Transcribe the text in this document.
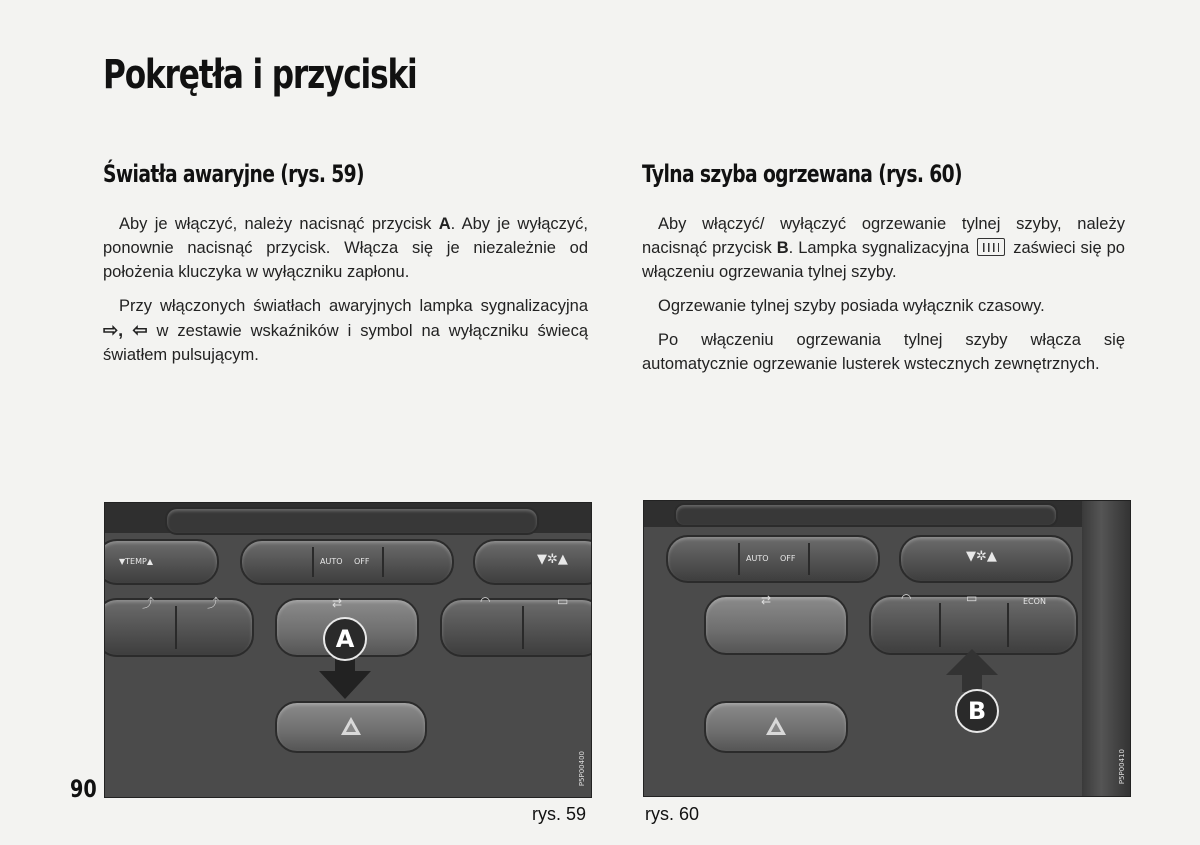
Pokrętła i przyciski
Światła awaryjne (rys. 59)

Aby je włączyć, należy nacisnąć przycisk A. Aby je wyłączyć, ponownie nacisnąć przycisk. Włącza się je niezależnie od położenia kluczyka w wyłączniku zapłonu.

Przy włączonych światłach awaryjnych lampka sygnalizacyjna ⇨, ⇦ w zestawie wskaźników i symbol na wyłączniku świecą światłem pulsującym.

Tylna szyba ogrzewana (rys. 60)

Aby włączyć/ wyłączyć ogrzewanie tylnej szyby, należy nacisnąć przycisk B. Lampka sygnalizacyjna  zaświeci się po włączeniu ogrzewania tylnej szyby.

Ogrzewanie tylnej szyby posiada wyłącznik czasowy.

Po włączeniu ogrzewania tylnej szyby włącza się automatycznie ogrzewanie lusterek wstecznych zewnętrznych.

▼TEMP▲	AUTO OFF	▼✲▲
⤴	⤴	⇄	◠	▭
A
P5P00400
rys. 59
AUTO OFF	▼✲▲
⇄	◠	▭	ECON
B
P5P00410
rys. 60
90
